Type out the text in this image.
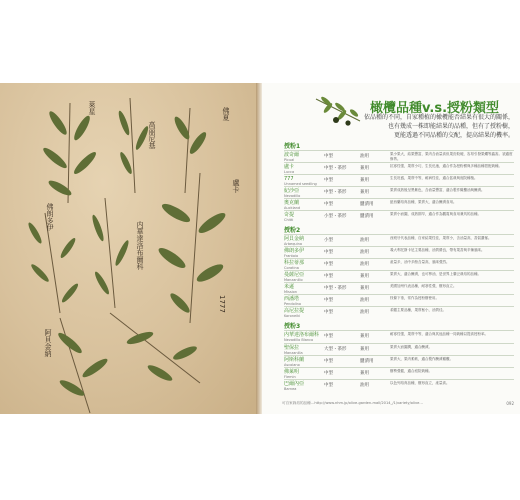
萊星
高丽尼基
佛夏
盧卡
佛朗多伊
内華達洛布爾科
阿貝金納
1777
橄欖品種v.s.授粉類型
依品種的不同，自家種植的橄欖能否結果有很大的關係，
也有幾成一株即能結果的品種，但有了授粉樹，
更能透過不同品種的交配，提高結果的機率。
授粉1
波奇爾
Picual
中型	油用	果小果大，結果豐富，果肉含油量高但果皮較硬，容易引發果蠅等蟲害。須適度修剪。
盧卡
Lucca
中型・茶形	兼用	抗寒性強，果實小巧，生長迅速，適合作為授粉樹與多種品種搭配栽種。
777
Unnamed seedling
中型	兼用	生長旺盛，果實中等，耐病性佳，適合盆栽與庭院種植。
紀沙亞
Nevadillo
中型・茶形	兼用	果實成熟後呈黑紫色，含油量豐富，適合製作橄欖油與醃漬。
奧克蘭
Auckland
中型	鹽漬用	紐西蘭培育品種，果實大，適合醃漬食用。
奇提
Chitti
小型・茶形	鹽漬用	果實小而圓，成熟期早，適合作為觀賞與食用兼具的品種。
授粉2
阿貝金納
Arbequina
小型	油用	西班牙代表品種，自家結果性佳，果實小，含油量高，香氣濃郁。
佛朗多伊
Frantoio
中型	油用	義大利托斯卡尼主要品種，油質優良，帶有果香與辛辣風味。
科拉蒂那
Coratina
中型	油用	產量多，油中多酚含量高，風味強烈。
曼薩尼亞
Manzanillo
中型	兼用	果實大，適合醃漬，也可榨油，是世界上廣泛栽培的品種。
米遜
Mission
中型・茶形	兼用	美國加州代表品種，耐寒性強，樹形直立。
西潘塔
Pendolino
中型	油用	枝條下垂，常作為授粉樹使用。
高尼拉提
Koroneiki
中型	油用	希臘主要品種，果實極小，油質佳。
授粉3
内華達洛布爾科
Nevadillo Blanco
中型	兼用	耐寒性強，果實中等，適合與其他品種一同栽種以提高授粉率。
聖保拉
Manzanilla
大型・茶形	兼用	果實大而圓潤，適合醃漬。
阿斯科蘭
Ascolano
中型	鹽漬用	果實大，果肉柔軟，適合製作醃漬橄欖。
佛萊明
Flemin
中型	兼用	樹勢強健，適合庭院栽種。
巴爾內亞
Barnea
中型	油用	以色列培育品種，樹形直立，產量高。
可自家栽培的品種…http://www.nhm.jp/olive-garden-mall/2014_/1/variety/olive…	092
